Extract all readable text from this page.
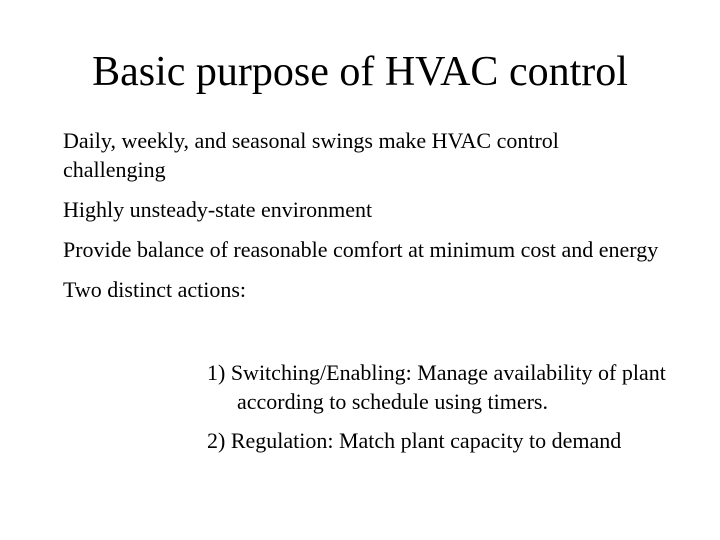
Basic purpose of HVAC control
Daily, weekly, and seasonal swings make HVAC control challenging
Highly unsteady-state environment
Provide balance of reasonable comfort at minimum cost and energy
Two distinct actions:
1) Switching/Enabling: Manage availability of plant according to schedule using timers.
2) Regulation: Match plant capacity to demand
